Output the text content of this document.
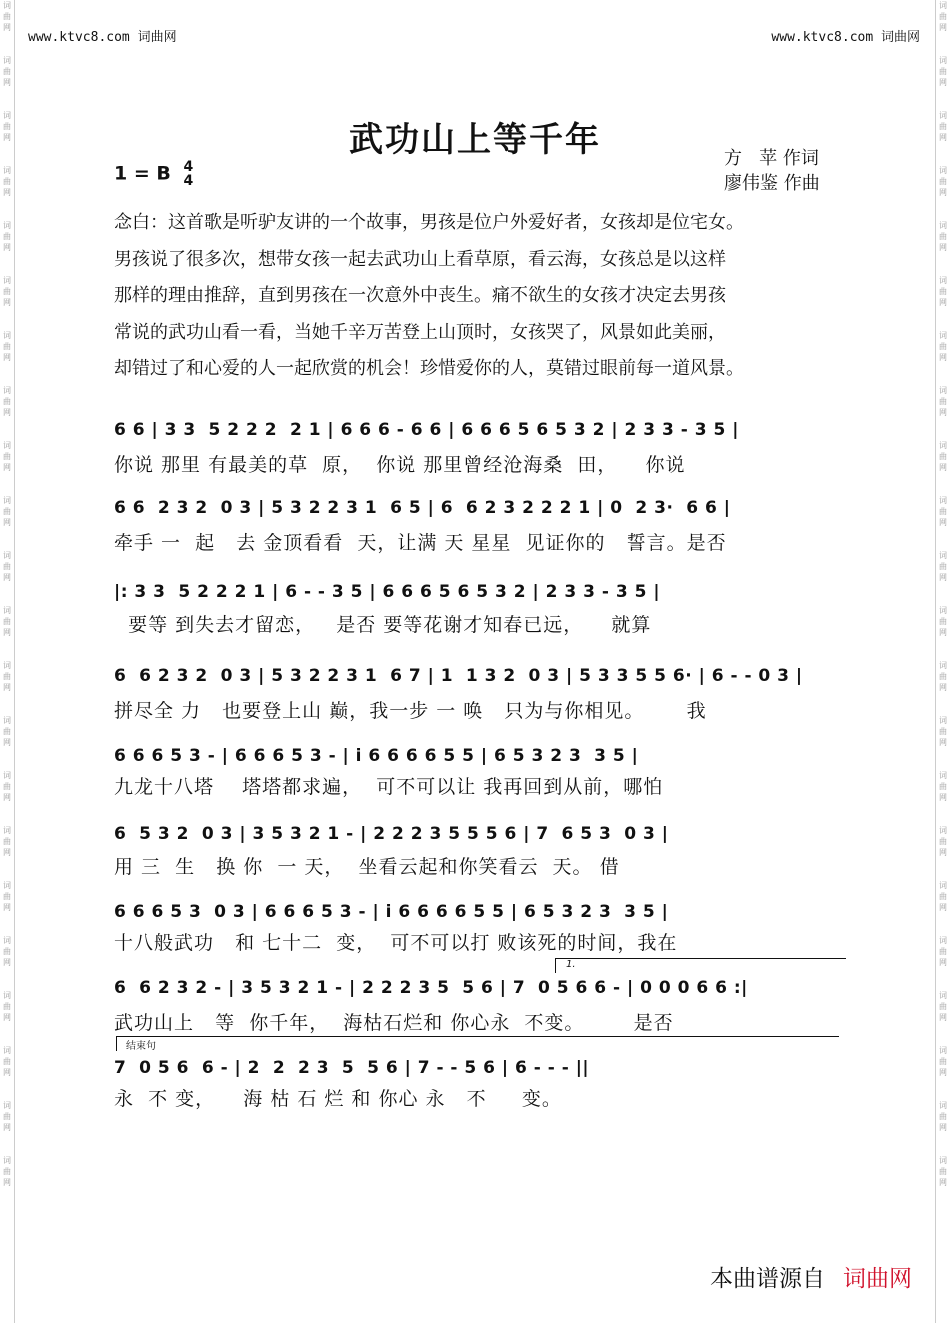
词
曲
网

词
曲
网

词
曲
网

词
曲
网

词
曲
网

词
曲
网

词
曲
网

词
曲
网

词
曲
网

词
曲
网

词
曲
网

词
曲
网

词
曲
网

词
曲
网

词
曲
网

词
曲
网

词
曲
网

词
曲
网

词
曲
网

词
曲
网

词
曲
网

词
曲
网

词
曲
网

词
曲
网

词
曲
网

词
曲
网

词
曲
网

词
曲
网

词
曲
网

词
曲
网

词
曲
网

词
曲
网

词
曲
网

词
曲
网

词
曲
网

词
曲
网

词
曲
网

词
曲
网

词
曲
网

词
曲
网

词
曲
网

词
曲
网

词
曲
网

词
曲
网

www.ktvc8.com 词曲网	www.ktvc8.com 词曲网
武功山上等千年
1 = B 4
4
方   苹 作词
廖伟鉴 作曲
念白：这首歌是听驴友讲的一个故事，男孩是位户外爱好者，女孩却是位宅女。
男孩说了很多次，想带女孩一起去武功山上看草原，看云海，女孩总是以这样
那样的理由推辞，直到男孩在一次意外中丧生。痛不欲生的女孩才决定去男孩
常说的武功山看一看，当她千辛万苦登上山顶时，女孩哭了，风景如此美丽，
却错过了和心爱的人一起欣赏的机会！珍惜爱你的人，莫错过眼前每一道风景。
6 6 | 3 3  5 2 2 2  2 1 | 6 6 6 - 6 6 | 6 6 6 5 6 5 3 2 | 2 3 3 - 3 5 |
你说 那里 有最美的草  原，  你说 那里曾经沧海桑  田，    你说
6 6  2 3 2  0 3 | 5 3 2 2 3 1  6 5 | 6  6 2 3 2 2 2 1 | 0  2 3·  6 6 |
牵手 一  起   去 金顶看看  天，让满 天 星星  见证你的   誓言。是否
|: 3 3  5 2 2 2 1 | 6 - - 3 5 | 6 6 6 5 6 5 3 2 | 2 3 3 - 3 5 |
要等 到失去才留恋，   是否 要等花谢才知春已远，    就算
6  6 2 3 2  0 3 | 5 3 2 2 3 1  6 7 | 1  1 3 2  0 3 | 5 3 3 5 5 6· | 6 - - 0 3 |
拼尽全 力   也要登上山 巅，我一步 一 唤   只为与你相见。      我
6 6 6 5 3 - | 6 6 6 5 3 - | i 6 6 6 6 5 5 | 6 5 3 2 3  3 5 |
九龙十八塔    塔塔都求遍，  可不可以让 我再回到从前，哪怕
6  5 3 2  0 3 | 3 5 3 2 1 - | 2 2 2 3 5 5 5 6 | 7  6 5 3  0 3 |
用 三  生   换 你  一 天，  坐看云起和你笑看云  天。 借
6 6 6 5 3  0 3 | 6 6 6 5 3 - | i 6 6 6 6 5 5 | 6 5 3 2 3  3 5 |
十八般武功   和 七十二  变，  可不可以打 败该死的时间，我在
1.
6  6 2 3 2 - | 3 5 3 2 1 - | 2 2 2 3 5  5 6 | 7  0 5 6 6 - | 0 0 0 6 6 :|
武功山上   等  你千年，  海枯石烂和 你心永  不变。       是否
结束句
7  0 5 6  6 - | 2  2  2 3  5  5 6 | 7 - - 5 6 | 6 - - - ||
永  不 变，    海 枯 石 烂 和 你心 永   不     变。
本曲谱源自 词曲网
